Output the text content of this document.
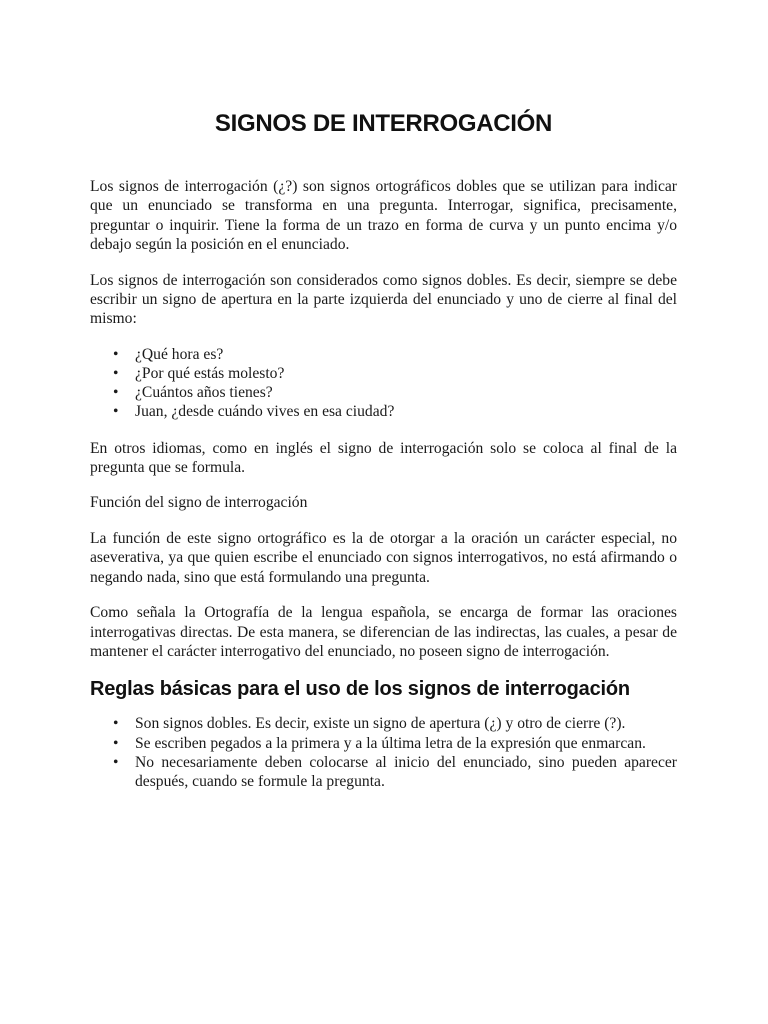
SIGNOS DE INTERROGACIÓN

Los signos de interrogación (¿?) son signos ortográficos dobles que se utilizan para indicar que un enunciado se transforma en una pregunta. Interrogar, significa, precisamente, preguntar o inquirir. Tiene la forma de un trazo en forma de curva y un punto encima y/o debajo según la posición en el enunciado.

Los signos de interrogación son considerados como signos dobles. Es decir, siempre se debe escribir un signo de apertura en la parte izquierda del enunciado y uno de cierre al final del mismo:

• ¿Qué hora es?
• ¿Por qué estás molesto?
• ¿Cuántos años tienes?
• Juan, ¿desde cuándo vives en esa ciudad?

En otros idiomas, como en inglés el signo de interrogación solo se coloca al final de la pregunta que se formula.

Función del signo de interrogación

La función de este signo ortográfico es la de otorgar a la oración un carácter especial, no aseverativa, ya que quien escribe el enunciado con signos interrogativos, no está afirmando o negando nada, sino que está formulando una pregunta.

Como señala la Ortografía de la lengua española, se encarga de formar las oraciones interrogativas directas. De esta manera, se diferencian de las indirectas, las cuales, a pesar de mantener el carácter interrogativo del enunciado, no poseen signo de interrogación.

Reglas básicas para el uso de los signos de interrogación
• Son signos dobles. Es decir, existe un signo de apertura (¿) y otro de cierre (?).
• Se escriben pegados a la primera y a la última letra de la expresión que enmarcan.
• No necesariamente deben colocarse al inicio del enunciado, sino pueden aparecer después, cuando se formule la pregunta.
